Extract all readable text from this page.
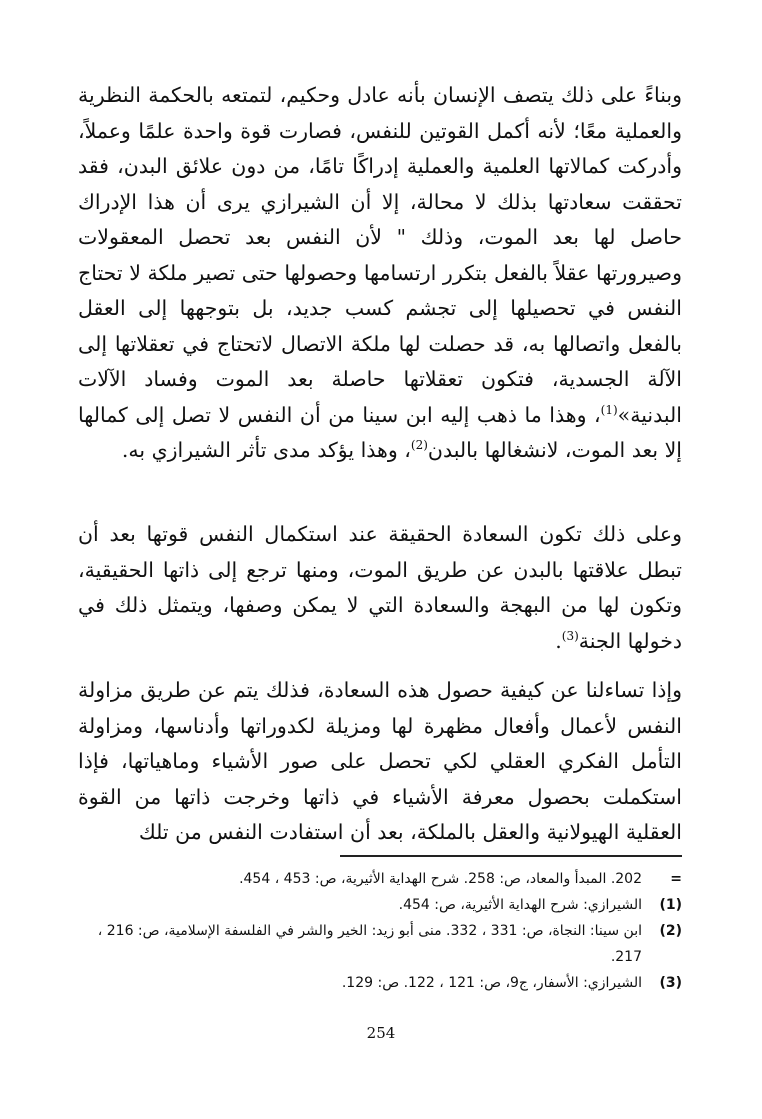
وبناءً على ذلك يتصف الإنسان بأنه عادل وحكيم، لتمتعه بالحكمة النظرية والعملية معًا؛ لأنه أكمل القوتين للنفس، فصارت قوة واحدة علمًا وعملاً، وأدركت كمالاتها العلمية والعملية إدراكًا تامًا، من دون علائق البدن، فقد تحققت سعادتها بذلك لا محالة، إلا أن الشيرازي يرى أن هذا الإدراك حاصل لها بعد الموت، وذلك " لأن النفس بعد تحصل المعقولات وصيرورتها عقلاً بالفعل بتكرر ارتسامها وحصولها حتى تصير ملكة لا تحتاج النفس في تحصيلها إلى تجشم كسب جديد، بل بتوجهها إلى العقل بالفعل واتصالها به، قد حصلت لها ملكة الاتصال لاتحتاج في تعقلاتها إلى الآلة الجسدية، فتكون تعقلاتها حاصلة بعد الموت وفساد الآلات البدنية»$^{(1)}$، وهذا ما ذهب إليه ابن سينا من أن النفس لا تصل إلى كمالها إلا بعد الموت، لانشغالها بالبدن$^{(2)}$، وهذا يؤكد مدى تأثر الشيرازي به.

وعلى ذلك تكون السعادة الحقيقة عند استكمال النفس قوتها بعد أن تبطل علاقتها بالبدن عن طريق الموت، ومنها ترجع إلى ذاتها الحقيقية، وتكون لها من البهجة والسعادة التي لا يمكن وصفها، ويتمثل ذلك في دخولها الجنة$^{(3)}$.

وإذا تساءلنا عن كيفية حصول هذه السعادة، فذلك يتم عن طريق مزاولة النفس لأعمال وأفعال مظهرة لها ومزيلة لكدوراتها وأدناسها، ومزاولة التأمل الفكري العقلي لكي تحصل على صور الأشياء وماهياتها، فإذا استكملت بحصول معرفة الأشياء في ذاتها وخرجت ذاتها من القوة العقلية الهيولانية والعقل بالملكة، بعد أن استفادت النفس من تلك

=
202. المبدأ والمعاد، ص: 258. شرح الهداية الأثيرية، ص: 453 ، 454.
(1)
الشيرازي: شرح الهداية الأثيرية، ص: 454.
(2)
ابن سينا: النجاة، ص: 331 ، 332. منى أبو زيد: الخير والشر في الفلسفة الإسلامية، ص: 216 ، 217.
(3)
الشيرازي: الأسفار، ج9، ص: 121 ، 122. ص: 129.
254
